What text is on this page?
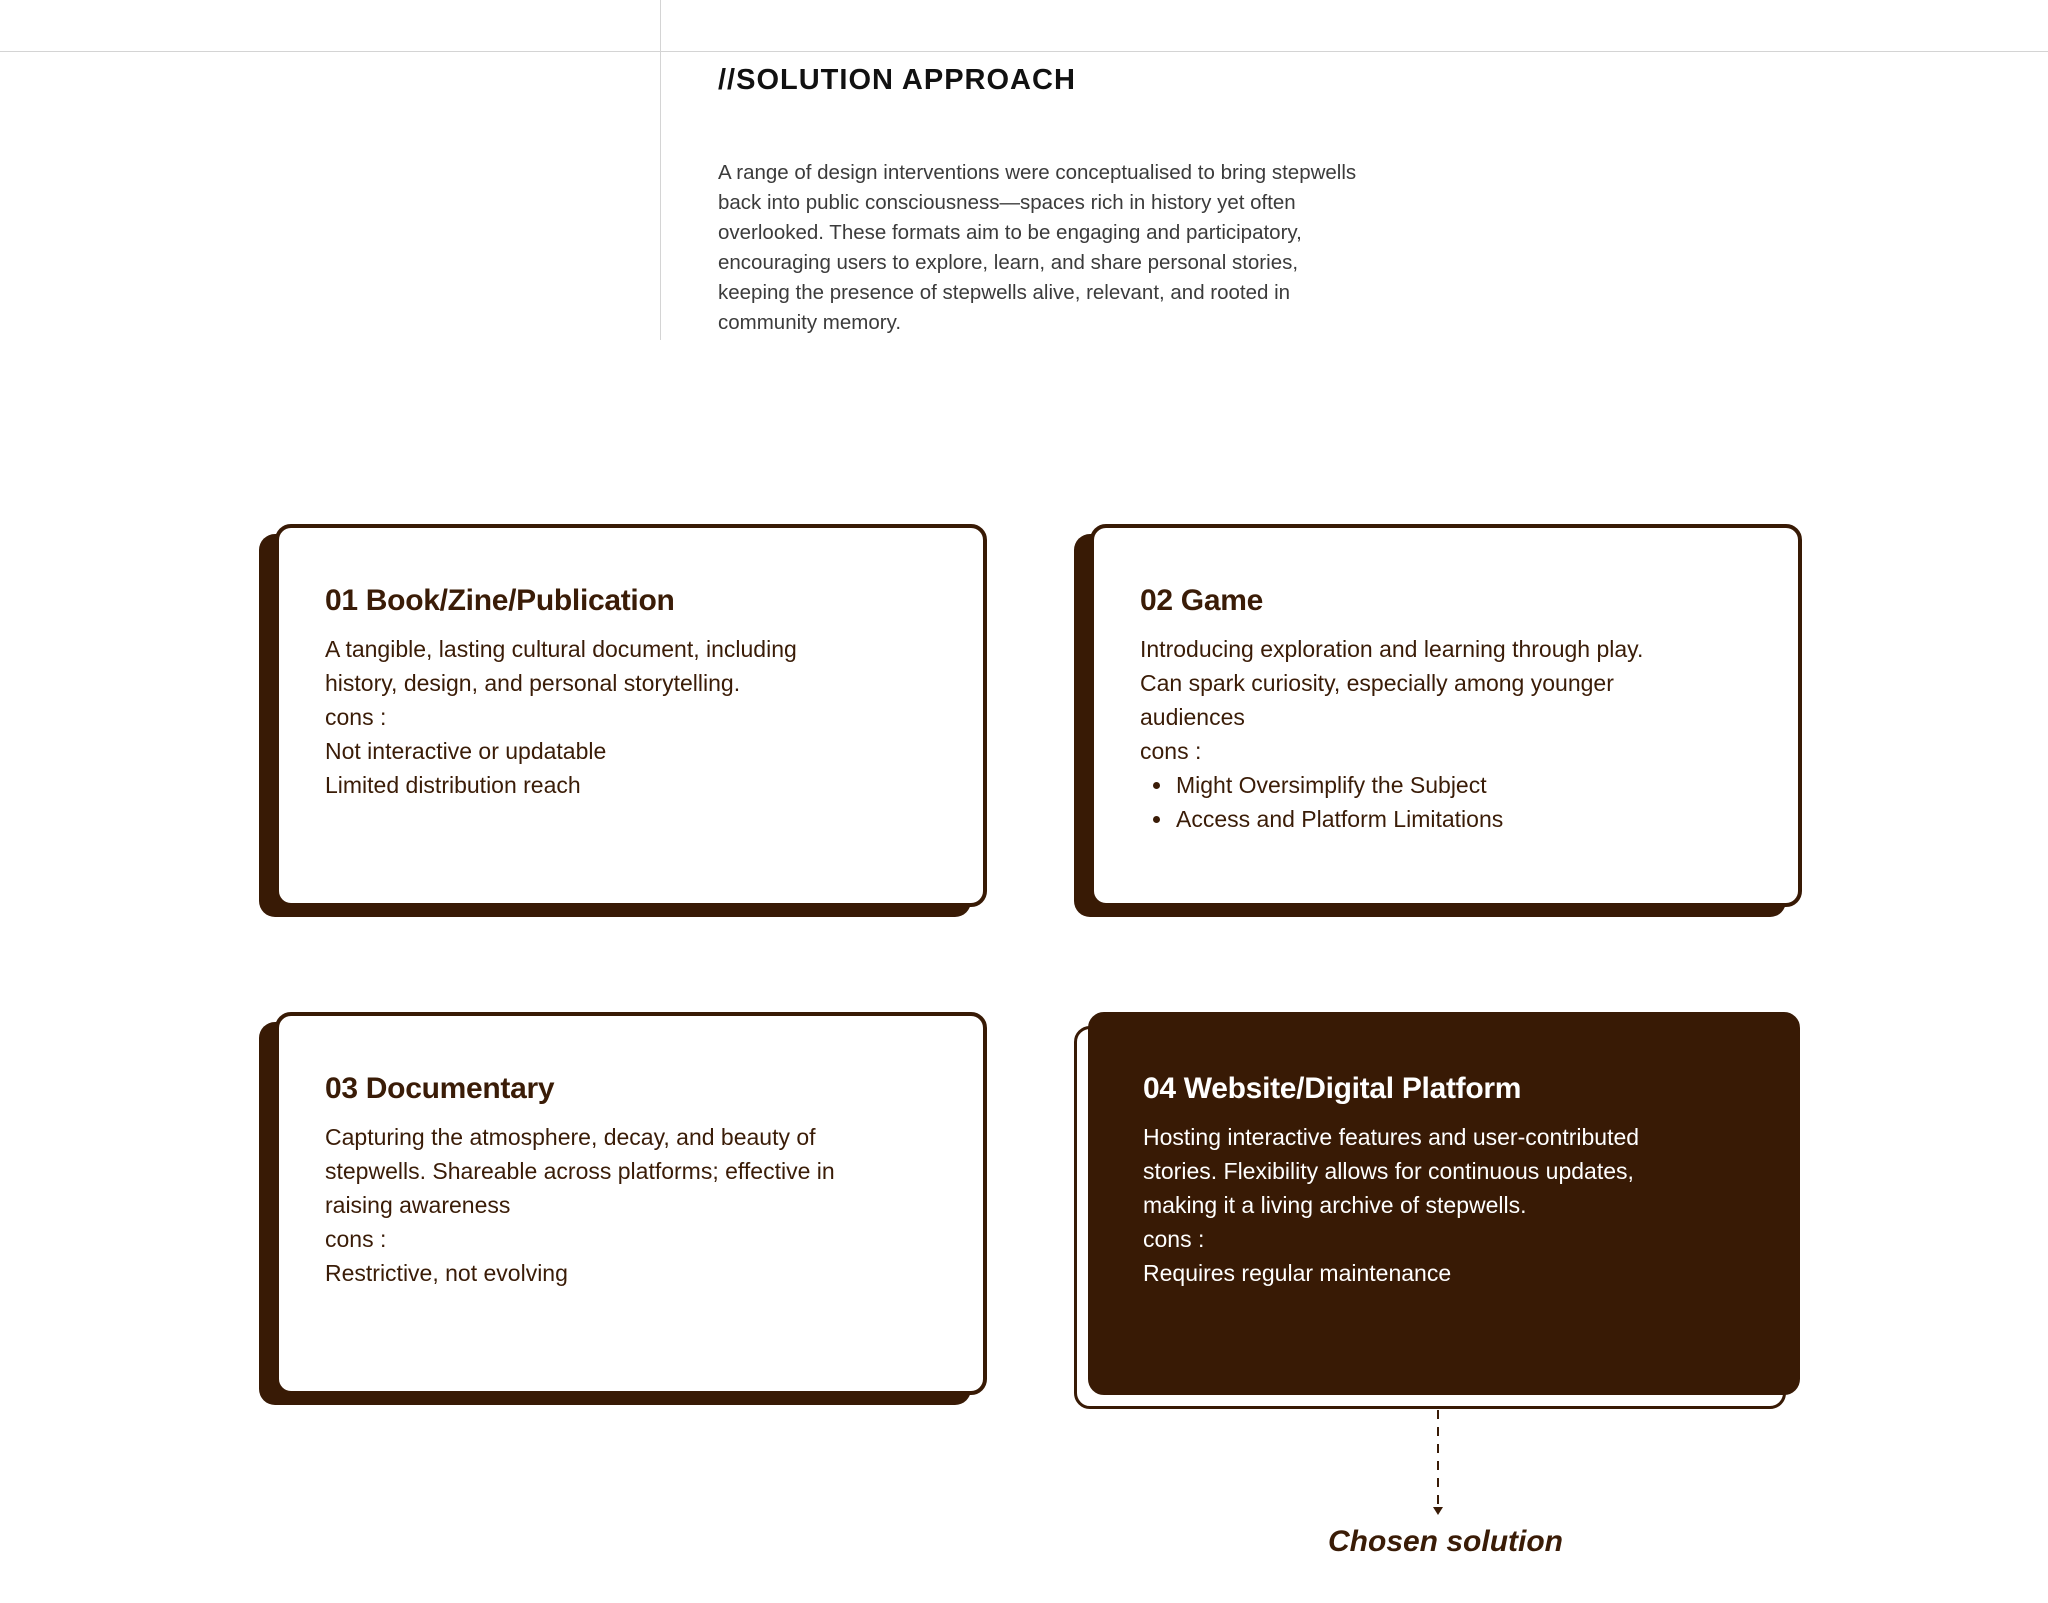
//SOLUTION APPROACH

A range of design interventions were conceptualised to bring stepwells back into public consciousness—spaces rich in history yet often overlooked. These formats aim to be engaging and participatory, encouraging users to explore, learn, and share personal stories, keeping the presence of stepwells alive, relevant, and rooted in community memory.

01 Book/Zine/Publication

A tangible, lasting cultural document, including

history, design, and personal storytelling.

cons :

Not interactive or updatable

Limited distribution reach

02 Game

Introducing exploration and learning through play.

Can spark curiosity, especially among younger

audiences

cons :

• Might Oversimplify the Subject
• Access and Platform Limitations
03 Documentary

Capturing the atmosphere, decay, and beauty of

stepwells. Shareable across platforms; effective in

raising awareness

cons :

Restrictive, not evolving

04 Website/Digital Platform

Hosting interactive features and user-contributed

stories. Flexibility allows for continuous updates,

making it a living archive of stepwells.

cons :

Requires regular maintenance

Chosen solution
